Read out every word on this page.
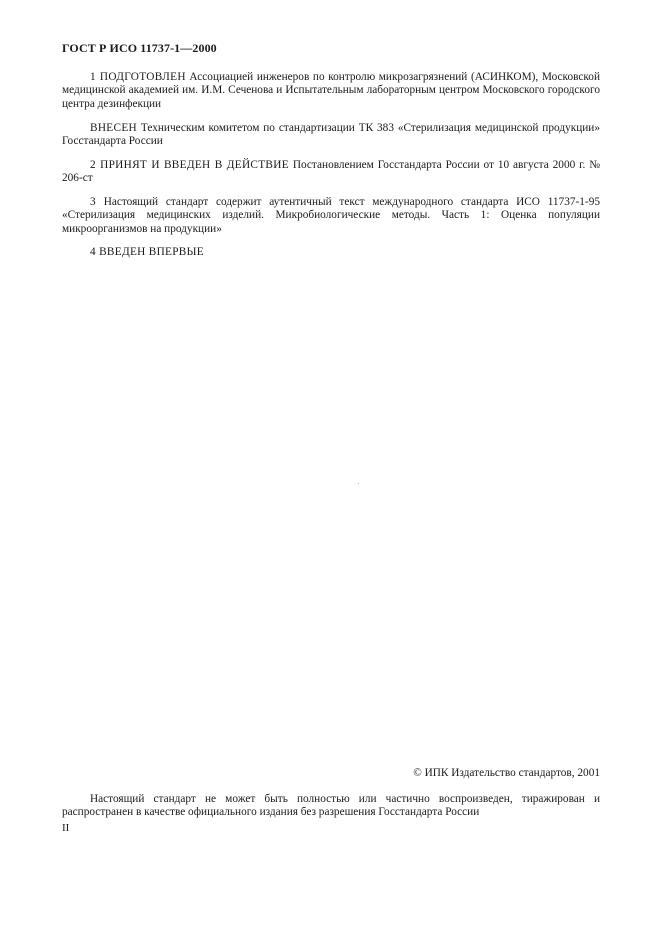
ГОСТ Р ИСО 11737-1—2000

1 ПОДГОТОВЛЕН Ассоциацией инженеров по контролю микрозагрязнений (АСИНКОМ), Московской медицинской академией им. И.М. Сеченова и Испытательным лабораторным центром Московского городского центра дезинфекции

ВНЕСЕН Техническим комитетом по стандартизации ТК 383 «Стерилизация медицинской продукции» Госстандарта России

2 ПРИНЯТ И ВВЕДЕН В ДЕЙСТВИЕ Постановлением Госстандарта России от 10 августа 2000 г. № 206-ст

3 Настоящий стандарт содержит аутентичный текст международного стандарта ИСО 11737-1-95 «Стерилизация медицинских изделий. Микробиологические методы. Часть 1: Оценка популяции микроорганизмов на продукции»

4 ВВЕДЕН ВПЕРВЫЕ

© ИПК Издательство стандартов, 2001

Настоящий стандарт не может быть полностью или частично воспроизведен, тиражирован и распространен в качестве официального издания без разрешения Госстандарта России

II
